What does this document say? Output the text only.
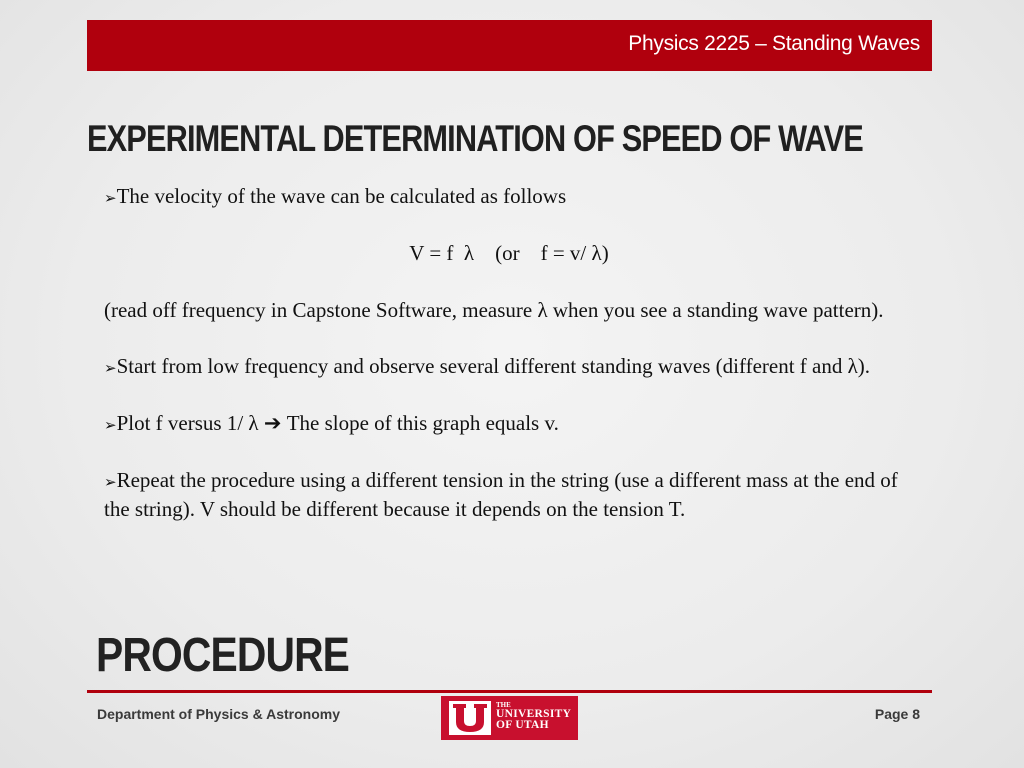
Physics 2225 – Standing Waves
EXPERIMENTAL DETERMINATION OF SPEED OF WAVE

➢The velocity of the wave can be calculated as follows

V = f  λ    (or    f = v/ λ)

(read off frequency in Capstone Software, measure λ when you see a standing wave pattern).

➢Start from low frequency and observe several different standing waves (different f and λ).

➢Plot f versus 1/ λ ➔ The slope of this graph equals v.

➢Repeat the procedure using a different tension in the string (use a different mass at the end of the string). V should be different because it depends on the tension T.

PROCEDURE
Department of Physics & Astronomy
THE
UNIVERSITY
OF UTAH
Page 8
